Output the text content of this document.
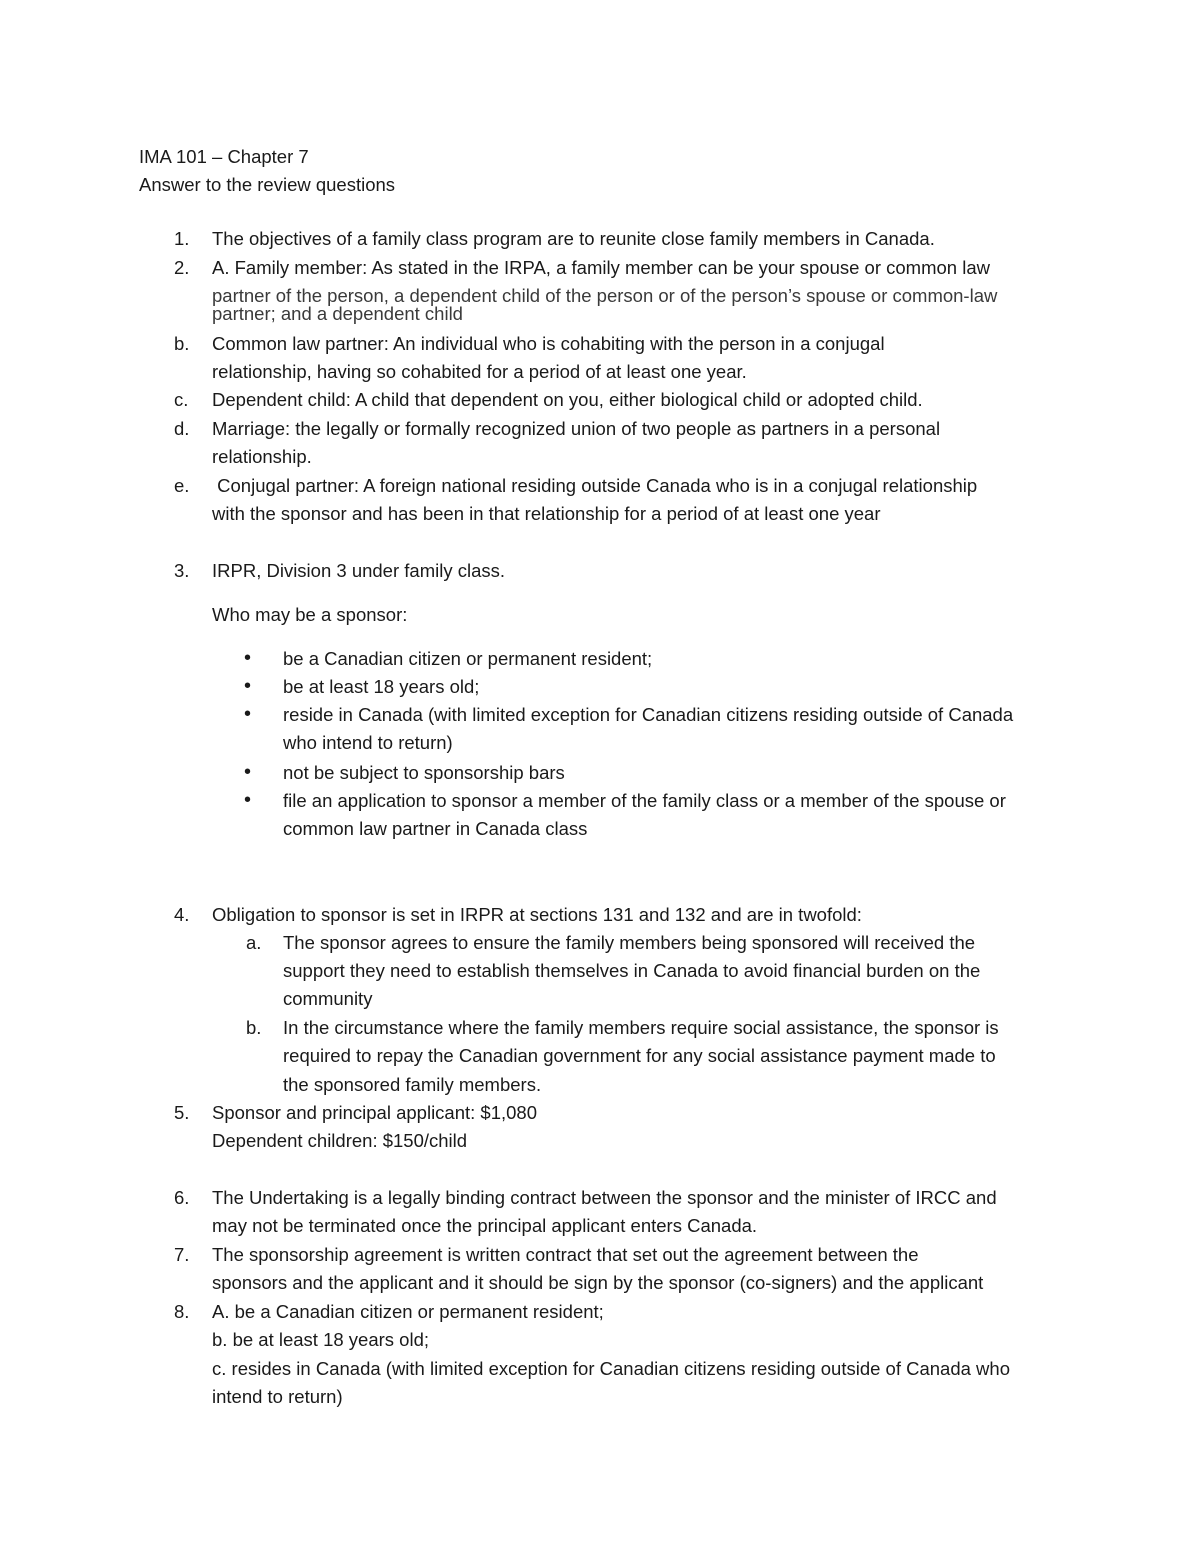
IMA 101 – Chapter 7
Answer to the review questions
1. The objectives of a family class program are to reunite close family members in Canada.
2. A. Family member: As stated in the IRPA, a family member can be your spouse or common law
partner of the person, a dependent child of the person or of the person’s spouse or common-law
partner; and a dependent child
b. Common law partner: An individual who is cohabiting with the person in a conjugal
relationship, having so cohabited for a period of at least one year.
c. Dependent child: A child that dependent on you, either biological child or adopted child.
d. Marriage: the legally or formally recognized union of two people as partners in a personal
relationship.
e. Conjugal partner: A foreign national residing outside Canada who is in a conjugal relationship
with the sponsor and has been in that relationship for a period of at least one year
3. IRPR, Division 3 under family class.
Who may be a sponsor:
• be a Canadian citizen or permanent resident;
• be at least 18 years old;
• reside in Canada (with limited exception for Canadian citizens residing outside of Canada
who intend to return)
• not be subject to sponsorship bars
• file an application to sponsor a member of the family class or a member of the spouse or
common law partner in Canada class
4. Obligation to sponsor is set in IRPR at sections 131 and 132 and are in twofold:
a. The sponsor agrees to ensure the family members being sponsored will received the
support they need to establish themselves in Canada to avoid financial burden on the
community
b. In the circumstance where the family members require social assistance, the sponsor is
required to repay the Canadian government for any social assistance payment made to
the sponsored family members.
5. Sponsor and principal applicant: $1,080
Dependent children: $150/child
6. The Undertaking is a legally binding contract between the sponsor and the minister of IRCC and
may not be terminated once the principal applicant enters Canada.
7. The sponsorship agreement is written contract that set out the agreement between the
sponsors and the applicant and it should be sign by the sponsor (co-signers) and the applicant
8. A. be a Canadian citizen or permanent resident;
b. be at least 18 years old;
c. resides in Canada (with limited exception for Canadian citizens residing outside of Canada who
intend to return)
